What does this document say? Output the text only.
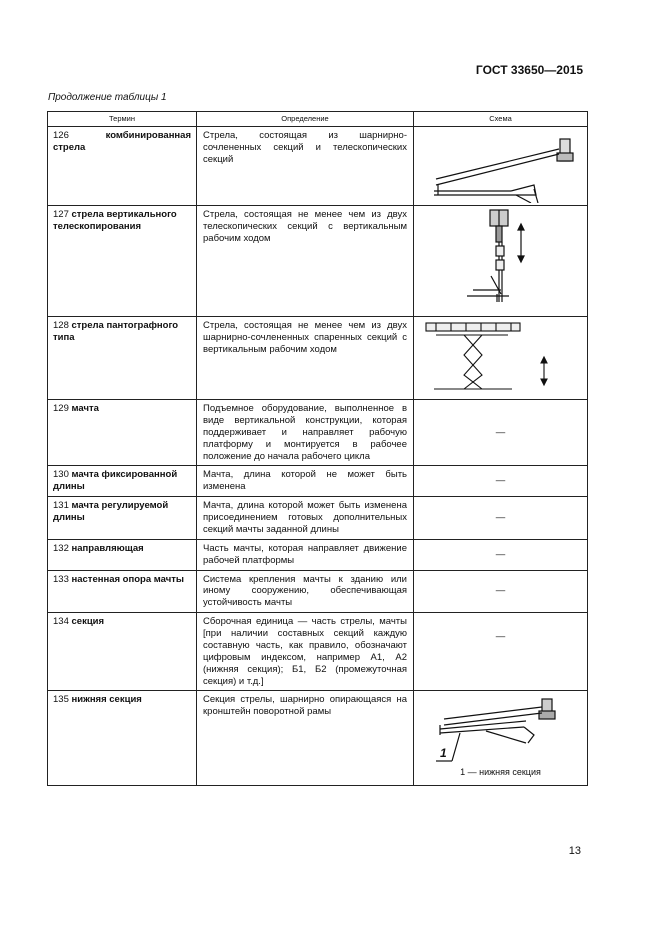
ГОСТ 33650—2015
Продолжение таблицы 1
Термин	Определение	Схема
126 комбинированная стрела	Стрела, состоящая из шарнирно-сочлененных секций и телескопических секций	

127 стрела вертикального телескопирования	Стрела, состоящая не менее чем из двух телескопических секций с вертикальным рабочим ходом	

128 стрела пантографного типа	Стрела, состоящая не менее чем из двух шарнирно-сочлененных спаренных секций с вертикальным рабочим ходом	

129 мачта	Подъемное оборудование, выполненное в виде вертикальной конструкции, которая поддерживает и направляет рабочую платформу и монтируется в рабочее положение до начала рабочего цикла	—
130 мачта фиксированной длины	Мачта, длина которой не может быть изменена	—
131 мачта регулируемой длины	Мачта, длина которой может быть изменена присоединением готовых дополнительных секций мачты заданной длины	—
132 направляющая	Часть мачты, которая направляет движение рабочей платформы	—
133 настенная опора мачты	Система крепления мачты к зданию или иному сооружению, обеспечивающая устойчивость мачты	—
134 секция	Сборочная единица — часть стрелы, мачты [при наличии составных секций каждую составную часть, как правило, обозначают цифровым индексом, например А1, А2 (нижняя секция); Б1, Б2 (промежуточная секция) и т.д.]	—

135 нижняя секция	Секция стрелы, шарнирно опирающаяся на кронштейн поворотной рамы	1
1 — нижняя секция
13
